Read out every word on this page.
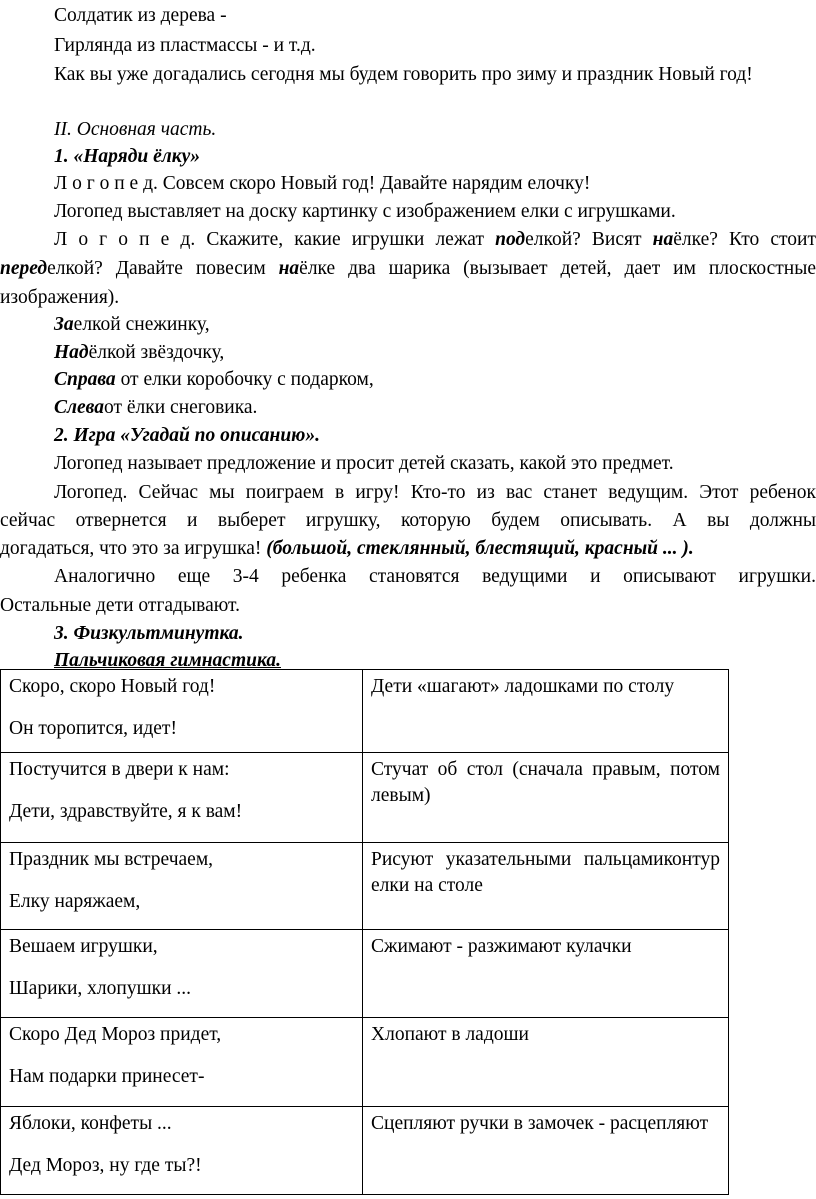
Солдатик из дерева -
Гирлянда из пластмассы - и т.д.
Как вы уже догадались сегодня мы будем говорить про зиму и праздник Новый год!
II. Основная часть.
1. «Наряди ёлку»
Л о г о п е д. Совсем скоро Новый год! Давайте нарядим елочку!
Логопед выставляет на доску картинку с изображением елки с игрушками.
Л о г о п е д. Скажите, какие игрушки лежат поделкой? Висят наёлке? Кто стоит
переделкой? Давайте повесим наёлке два шарика (вызывает детей, дает им плоскостные
изображения).
Заелкой снежинку,
Надёлкой звёздочку,
Справа от елки коробочку с подарком,
Слеваот ёлки снеговика.
2. Игра «Угадай по описанию».
Логопед называет предложение и просит детей сказать, какой это предмет.
Логопед. Сейчас мы поиграем в игру! Кто-то из вас станет ведущим. Этот ребенок
сейчас отвернется и выберет игрушку, которую будем описывать. А вы должны
догадаться, что это за игрушка! (большой, стеклянный, блестящий, красный ... ).
Аналогично еще 3-4 ребенка становятся ведущими и описывают игрушки.
Остальные дети отгадывают.
3. Физкультминутка.
Пальчиковая гимнастика.
Скоро, скоро Новый год!
Он торопится, идет!	Дети «шагают» ладошками по столу

Постучится в двери к нам:
Дети, здравствуйте, я к вам!	Стучат об стол (сначала правым, потом левым)

Праздник мы встречаем,
Елку наряжаем,	Рисуют указательными пальцамиконтур елки на столе

Вешаем игрушки,
Шарики, хлопушки ...	Сжимают - разжимают кулачки

Скоро Дед Мороз придет,
Нам подарки принесет-	Хлопают в ладоши

Яблоки, конфеты ...
Дед Мороз, ну где ты?!	Сцепляют ручки в замочек - расцепляют
